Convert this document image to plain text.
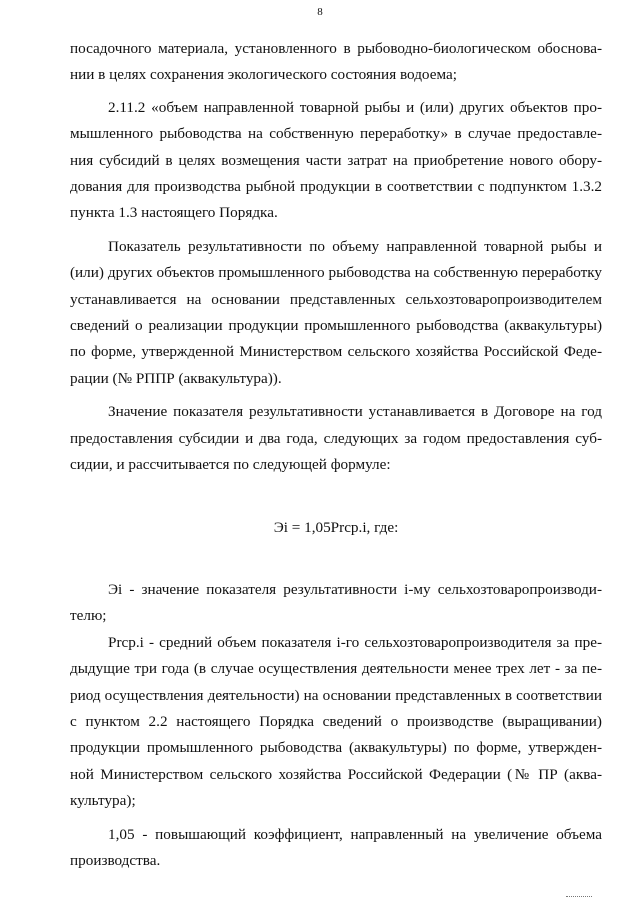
8

посадочного материала, установленного в рыбоводно-биологическом обосновании в целях сохранения экологического состояния водоема;

2.11.2 «объем направленной товарной рыбы и (или) других объектов промышленного рыбоводства на собственную переработку» в случае предоставления субсидий в целях возмещения части затрат на приобретение нового оборудования для производства рыбной продукции в соответствии с подпунктом 1.3.2 пункта 1.3 настоящего Порядка.

Показатель результативности по объему направленной товарной рыбы и (или) других объектов промышленного рыбоводства на собственную переработку устанавливается на основании представленных сельхозтоваропроизводителем сведений о реализации продукции промышленного рыбоводства (аквакультуры) по форме, утвержденной Министерством сельского хозяйства Российской Федерации (№ РППР (аквакультура)).

Значение показателя результативности устанавливается в Договоре на год предоставления субсидии и два года, следующих за годом предоставления субсидии, и рассчитывается по следующей формуле:

Эi = 1,05Prcp.i, где:

Эi - значение показателя результативности i-му сельхозтоваропроизводителю;

Prcp.i - средний объем показателя i-го сельхозтоваропроизводителя за предыдущие три года (в случае осуществления деятельности менее трех лет - за период осуществления деятельности) на основании представленных в соответствии с пунктом 2.2 настоящего Порядка сведений о производстве (выращивании) продукции промышленного рыбоводства (аквакультуры) по форме, утвержденной Министерством сельского хозяйства Российской Федерации (№ ПР (аквакультура);

1,05 - повышающий коэффициент, направленный на увеличение объема производства.
